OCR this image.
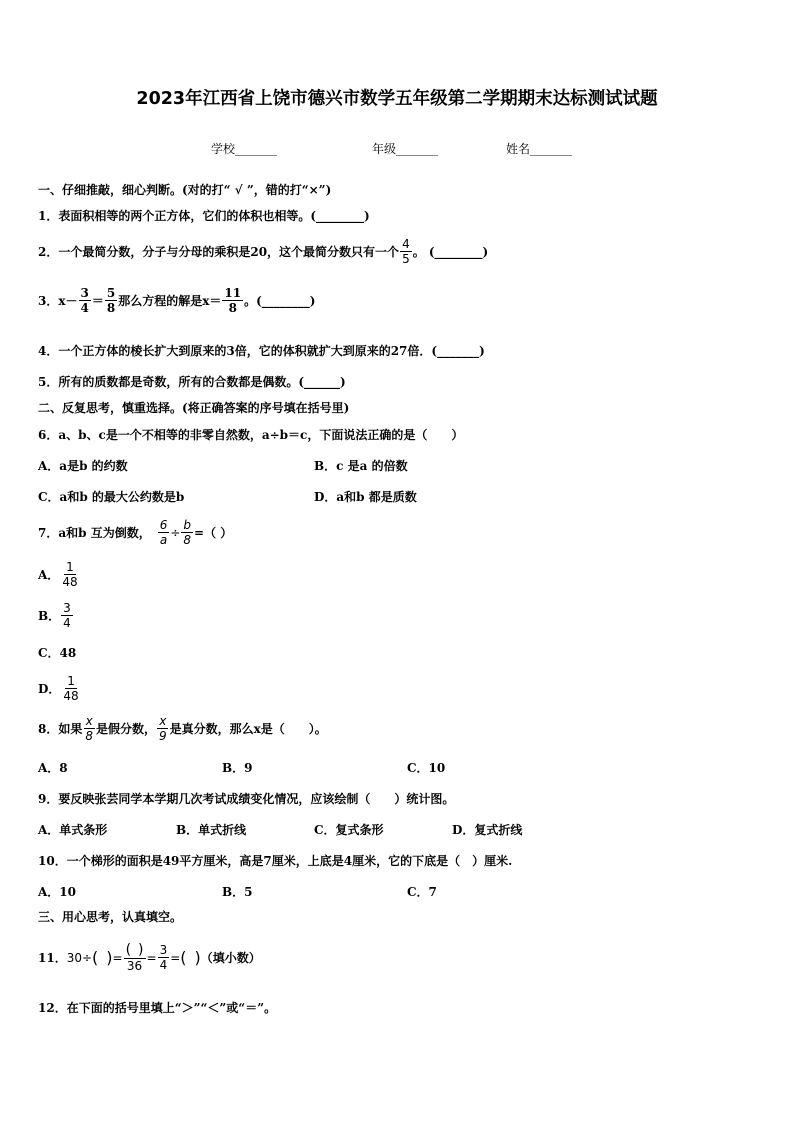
2023年江西省上饶市德兴市数学五年级第二学期期末达标测试试题
学校_______	年级_______	姓名_______
一、仔细推敲，细心判断。(对的打“ √ ”，错的打“×”)
1．表面积相等的两个正方体，它们的体积也相等。(________)
2．一个最简分数，分子与分母的乘积是20，这个最简分数只有一个 $\frac{4}{5}$ 。 (________)
3．$x- \frac{3}{4} = \frac{5}{8}$ 那么方程的解是$x= \frac{11}{8}$ 。(________)
4．一个正方体的棱长扩大到原来的3倍，它的体积就扩大到原来的27倍．(_______)
5．所有的质数都是奇数，所有的合数都是偶数。(______)
二、反复思考，慎重选择。(将正确答案的序号填在括号里)
6．a、b、c是一个不相等的非零自然数，a÷b＝c，下面说法正确的是（　　）
A．a是b 的约数	B．c 是a 的倍数
C．a和b 的最大公约数是b	D．a和b 都是质数
7．a和b 互为倒数， $\frac{6}{a} \div \frac{b}{8}$ =（ ）
A． $\frac{1}{48}$
B． $\frac{3}{4}$
C．48
D． $\frac{1}{48}$
8．如果 $\frac{x}{8}$ 是假分数， $\frac{x}{9}$ 是真分数，那么x是（　　）。
A．8	B．9	C．10
9．要反映张芸同学本学期几次考试成绩变化情况，应该绘制（　　）统计图。
A．单式条形	B．单式折线	C．复式条形	D．复式折线
10．一个梯形的面积是49平方厘米，高是7厘米，上底是4厘米，它的下底是（　）厘米.
A．10	B．5	C．7
三、用心思考，认真填空。
11． 30÷ ( ) = $\frac{( )}{36} = \frac{3}{4}$ = ( ) （填小数）
12．在下面的括号里填上“＞”“＜”或“＝”。
